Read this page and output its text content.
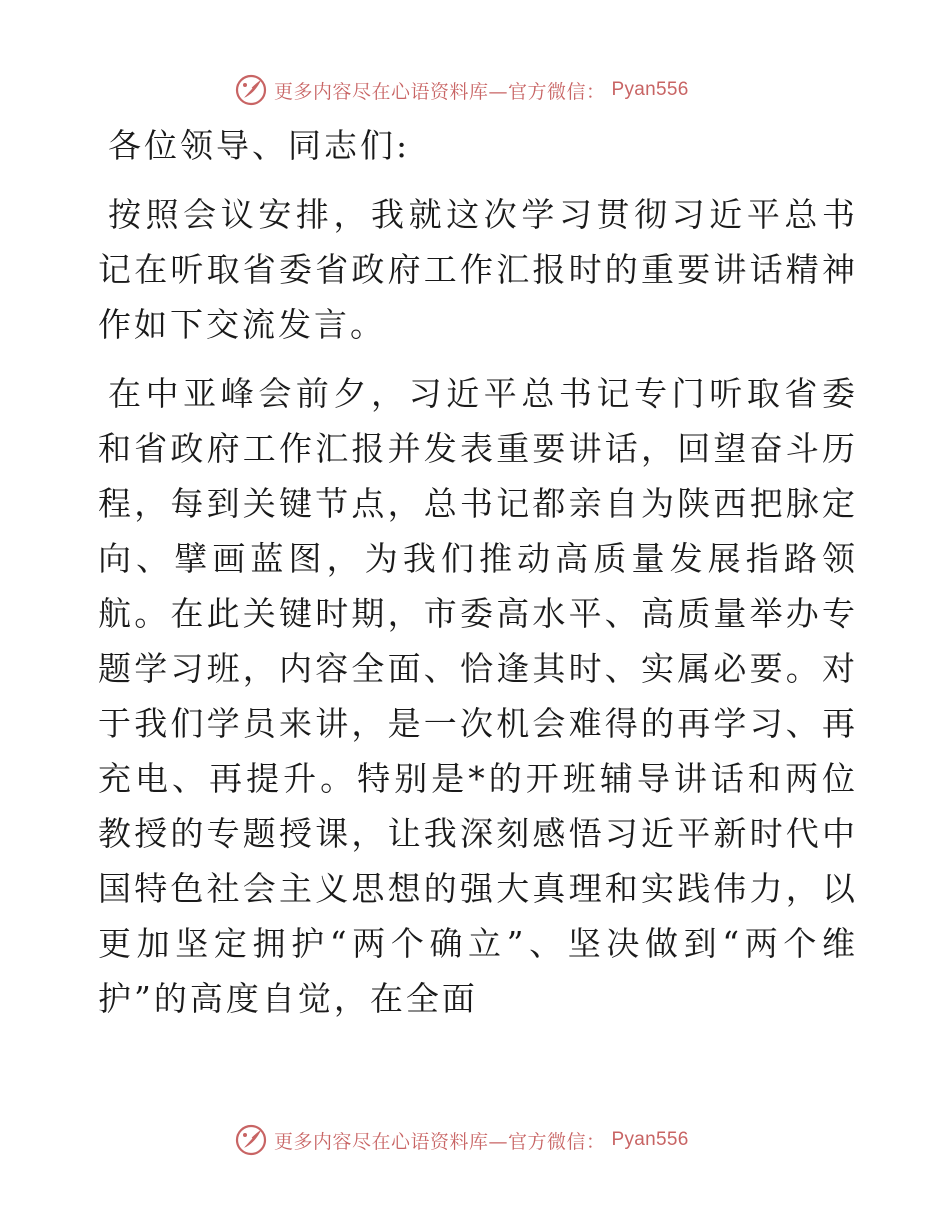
更多内容尽在心语资料库—官方微信： Pyan556

各位领导、同志们:

按照会议安排，我就这次学习贯彻习近平总书记在听取省委省政府工作汇报时的重要讲话精神作如下交流发言。

在中亚峰会前夕，习近平总书记专门听取省委和省政府工作汇报并发表重要讲话，回望奋斗历程，每到关键节点，总书记都亲自为陕西把脉定向、擘画蓝图，为我们推动高质量发展指路领航。在此关键时期，市委高水平、高质量举办专题学习班，内容全面、恰逢其时、实属必要。对于我们学员来讲，是一次机会难得的再学习、再充电、再提升。特别是*的开班辅导讲话和两位教授的专题授课，让我深刻感悟习近平新时代中国特色社会主义思想的强大真理和实践伟力，以更加坚定拥护“两个确立”、坚决做到“两个维护”的高度自觉，在全面

更多内容尽在心语资料库—官方微信： Pyan556
